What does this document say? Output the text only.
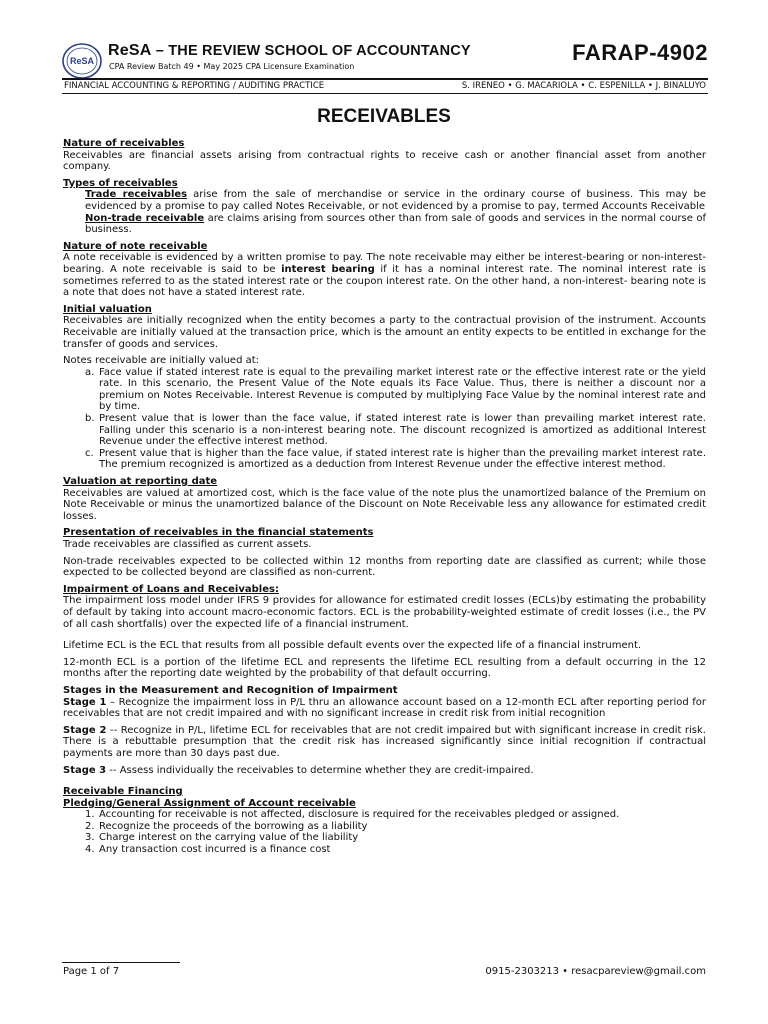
ReSA
ReSA – THE REVIEW SCHOOL OF ACCOUNTANCY
CPA Review Batch 49 • May 2025 CPA Licensure Examination
FARAP-4902
FINANCIAL ACCOUNTING & REPORTING / AUDITING PRACTICE	S. IRENEO • G. MACARIOLA • C. ESPENILLA • J. BINALUYO
RECEIVABLES

Nature of receivables

Receivables are financial assets arising from contractual rights to receive cash or another financial asset from another company.

Types of receivables

Trade receivables arise from the sale of merchandise or service in the ordinary course of business. This may be evidenced by a promise to pay called Notes Receivable, or not evidenced by a promise to pay, termed Accounts Receivable

Non-trade receivable are claims arising from sources other than from sale of goods and services in the normal course of business.

Nature of note receivable

A note receivable is evidenced by a written promise to pay. The note receivable may either be interest-bearing or non-interest-bearing. A note receivable is said to be interest bearing if it has a nominal interest rate. The nominal interest rate is sometimes referred to as the stated interest rate or the coupon interest rate. On the other hand, a non-interest- bearing note is a note that does not have a stated interest rate.

Initial valuation

Receivables are initially recognized when the entity becomes a party to the contractual provision of the instrument. Accounts Receivable are initially valued at the transaction price, which is the amount an entity expects to be entitled in exchange for the transfer of goods and services.

Notes receivable are initially valued at:

a. Face value if stated interest rate is equal to the prevailing market interest rate or the effective interest rate or the yield rate. In this scenario, the Present Value of the Note equals its Face Value. Thus, there is neither a discount nor a premium on Notes Receivable. Interest Revenue is computed by multiplying Face Value by the nominal interest rate and by time.
b. Present value that is lower than the face value, if stated interest rate is lower than prevailing market interest rate. Falling under this scenario is a non-interest bearing note. The discount recognized is amortized as additional Interest Revenue under the effective interest method.
c. Present value that is higher than the face value, if stated interest rate is higher than the prevailing market interest rate. The premium recognized is amortized as a deduction from Interest Revenue under the effective interest method.

Valuation at reporting date

Receivables are valued at amortized cost, which is the face value of the note plus the unamortized balance of the Premium on Note Receivable or minus the unamortized balance of the Discount on Note Receivable less any allowance for estimated credit losses.

Presentation of receivables in the financial statements

Trade receivables are classified as current assets.

Non-trade receivables expected to be collected within 12 months from reporting date are classified as current; while those expected to be collected beyond are classified as non-current.

Impairment of Loans and Receivables:

The impairment loss model under IFRS 9 provides for allowance for estimated credit losses (ECLs)by estimating the probability of default by taking into account macro-economic factors. ECL is the probability-weighted estimate of credit losses (i.e., the PV of all cash shortfalls) over the expected life of a financial instrument.

Lifetime ECL is the ECL that results from all possible default events over the expected life of a financial instrument.

12-month ECL is a portion of the lifetime ECL and represents the lifetime ECL resulting from a default occurring in the 12 months after the reporting date weighted by the probability of that default occurring.

Stages in the Measurement and Recognition of Impairment

Stage 1 – Recognize the impairment loss in P/L thru an allowance account based on a 12-month ECL after reporting period for receivables that are not credit impaired and with no significant increase in credit risk from initial recognition

Stage 2 -- Recognize in P/L, lifetime ECL for receivables that are not credit impaired but with significant increase in credit risk. There is a rebuttable presumption that the credit risk has increased significantly since initial recognition if contractual payments are more than 30 days past due.

Stage 3 -- Assess individually the receivables to determine whether they are credit-impaired.

Receivable Financing

Pledging/General Assignment of Account receivable

1. Accounting for receivable is not affected, disclosure is required for the receivables pledged or assigned.
2. Recognize the proceeds of the borrowing as a liability
3. Charge interest on the carrying value of the liability
4. Any transaction cost incurred is a finance cost
Page 1 of 7	0915-2303213 • resacpareview@gmail.com
